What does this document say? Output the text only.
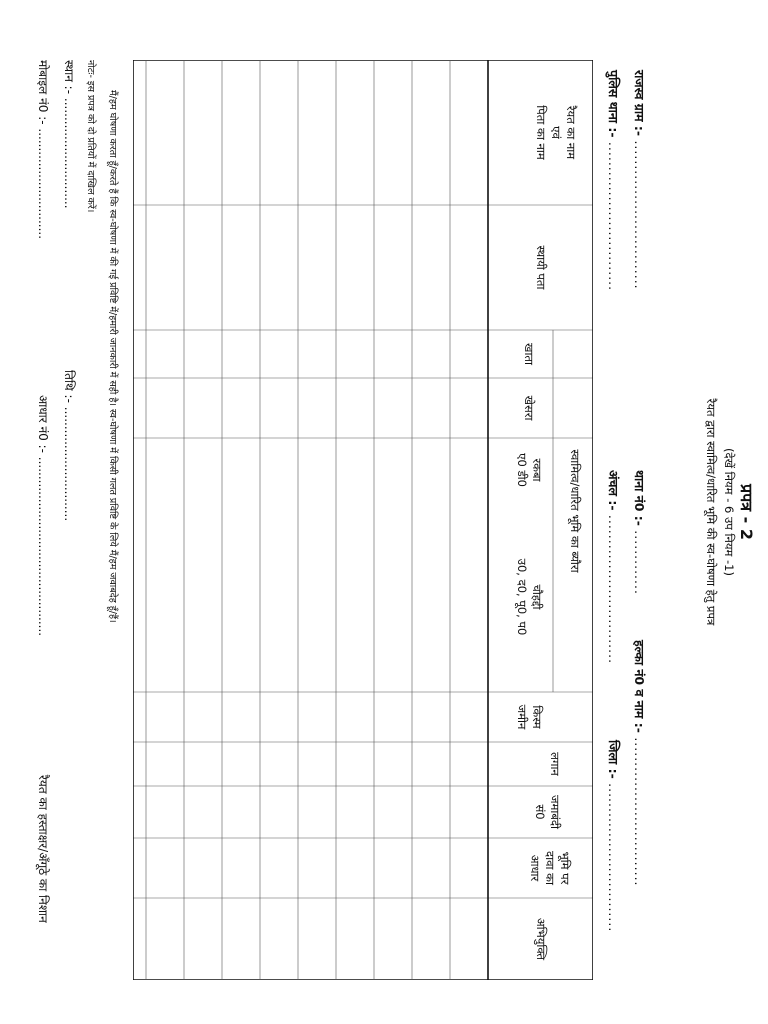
प्रपत्र - 2
(देखें नियम - 6 उप नियम -1)
रैयत द्वारा स्वामित्व/धारित भूमि की स्व-घोषणा हेतु प्रपत्र
राजस्व ग्राम :- ..............................
थाना नं0 :- .............
हल्का नं0 व नाम :- ..............................
पुलिस थाना :- ..............................
अंचल :- ..............................
जिला :- ..............................
रैयत का नाम
एवं
पिता का नाम
स्थायी पता
स्वामित्व/धारित भूमि का ब्यौरा
खाता
खेसरा
रकबा
ए0 डी0
चौहद्दी
उ0, द0, पू0, प0
किस्म
जमीन
लगान
जमाबंदी
सं0
भूमि पर
दावा का
आधार
अभियुक्ति
मैं/हम घोषणा करता हूँ/करते हैं कि स्व-घोषणा में की गई प्रविष्टि में/हमारी जानकारी में सही है। स्व-घोषणा में किसी गलत प्रविष्टि के लिये मैं/हम जवाबदेह हूँ/हैं।
नोटः- इस प्रपत्र को दो प्रतियों में दाखिल करें।
स्थान :- .............................
तिथि :- ..............................
मोबाइल नं0 :- .............................
आधार नं0 :- ...............................................
रैयत का हस्ताक्षर/अँगूठे का निशान
